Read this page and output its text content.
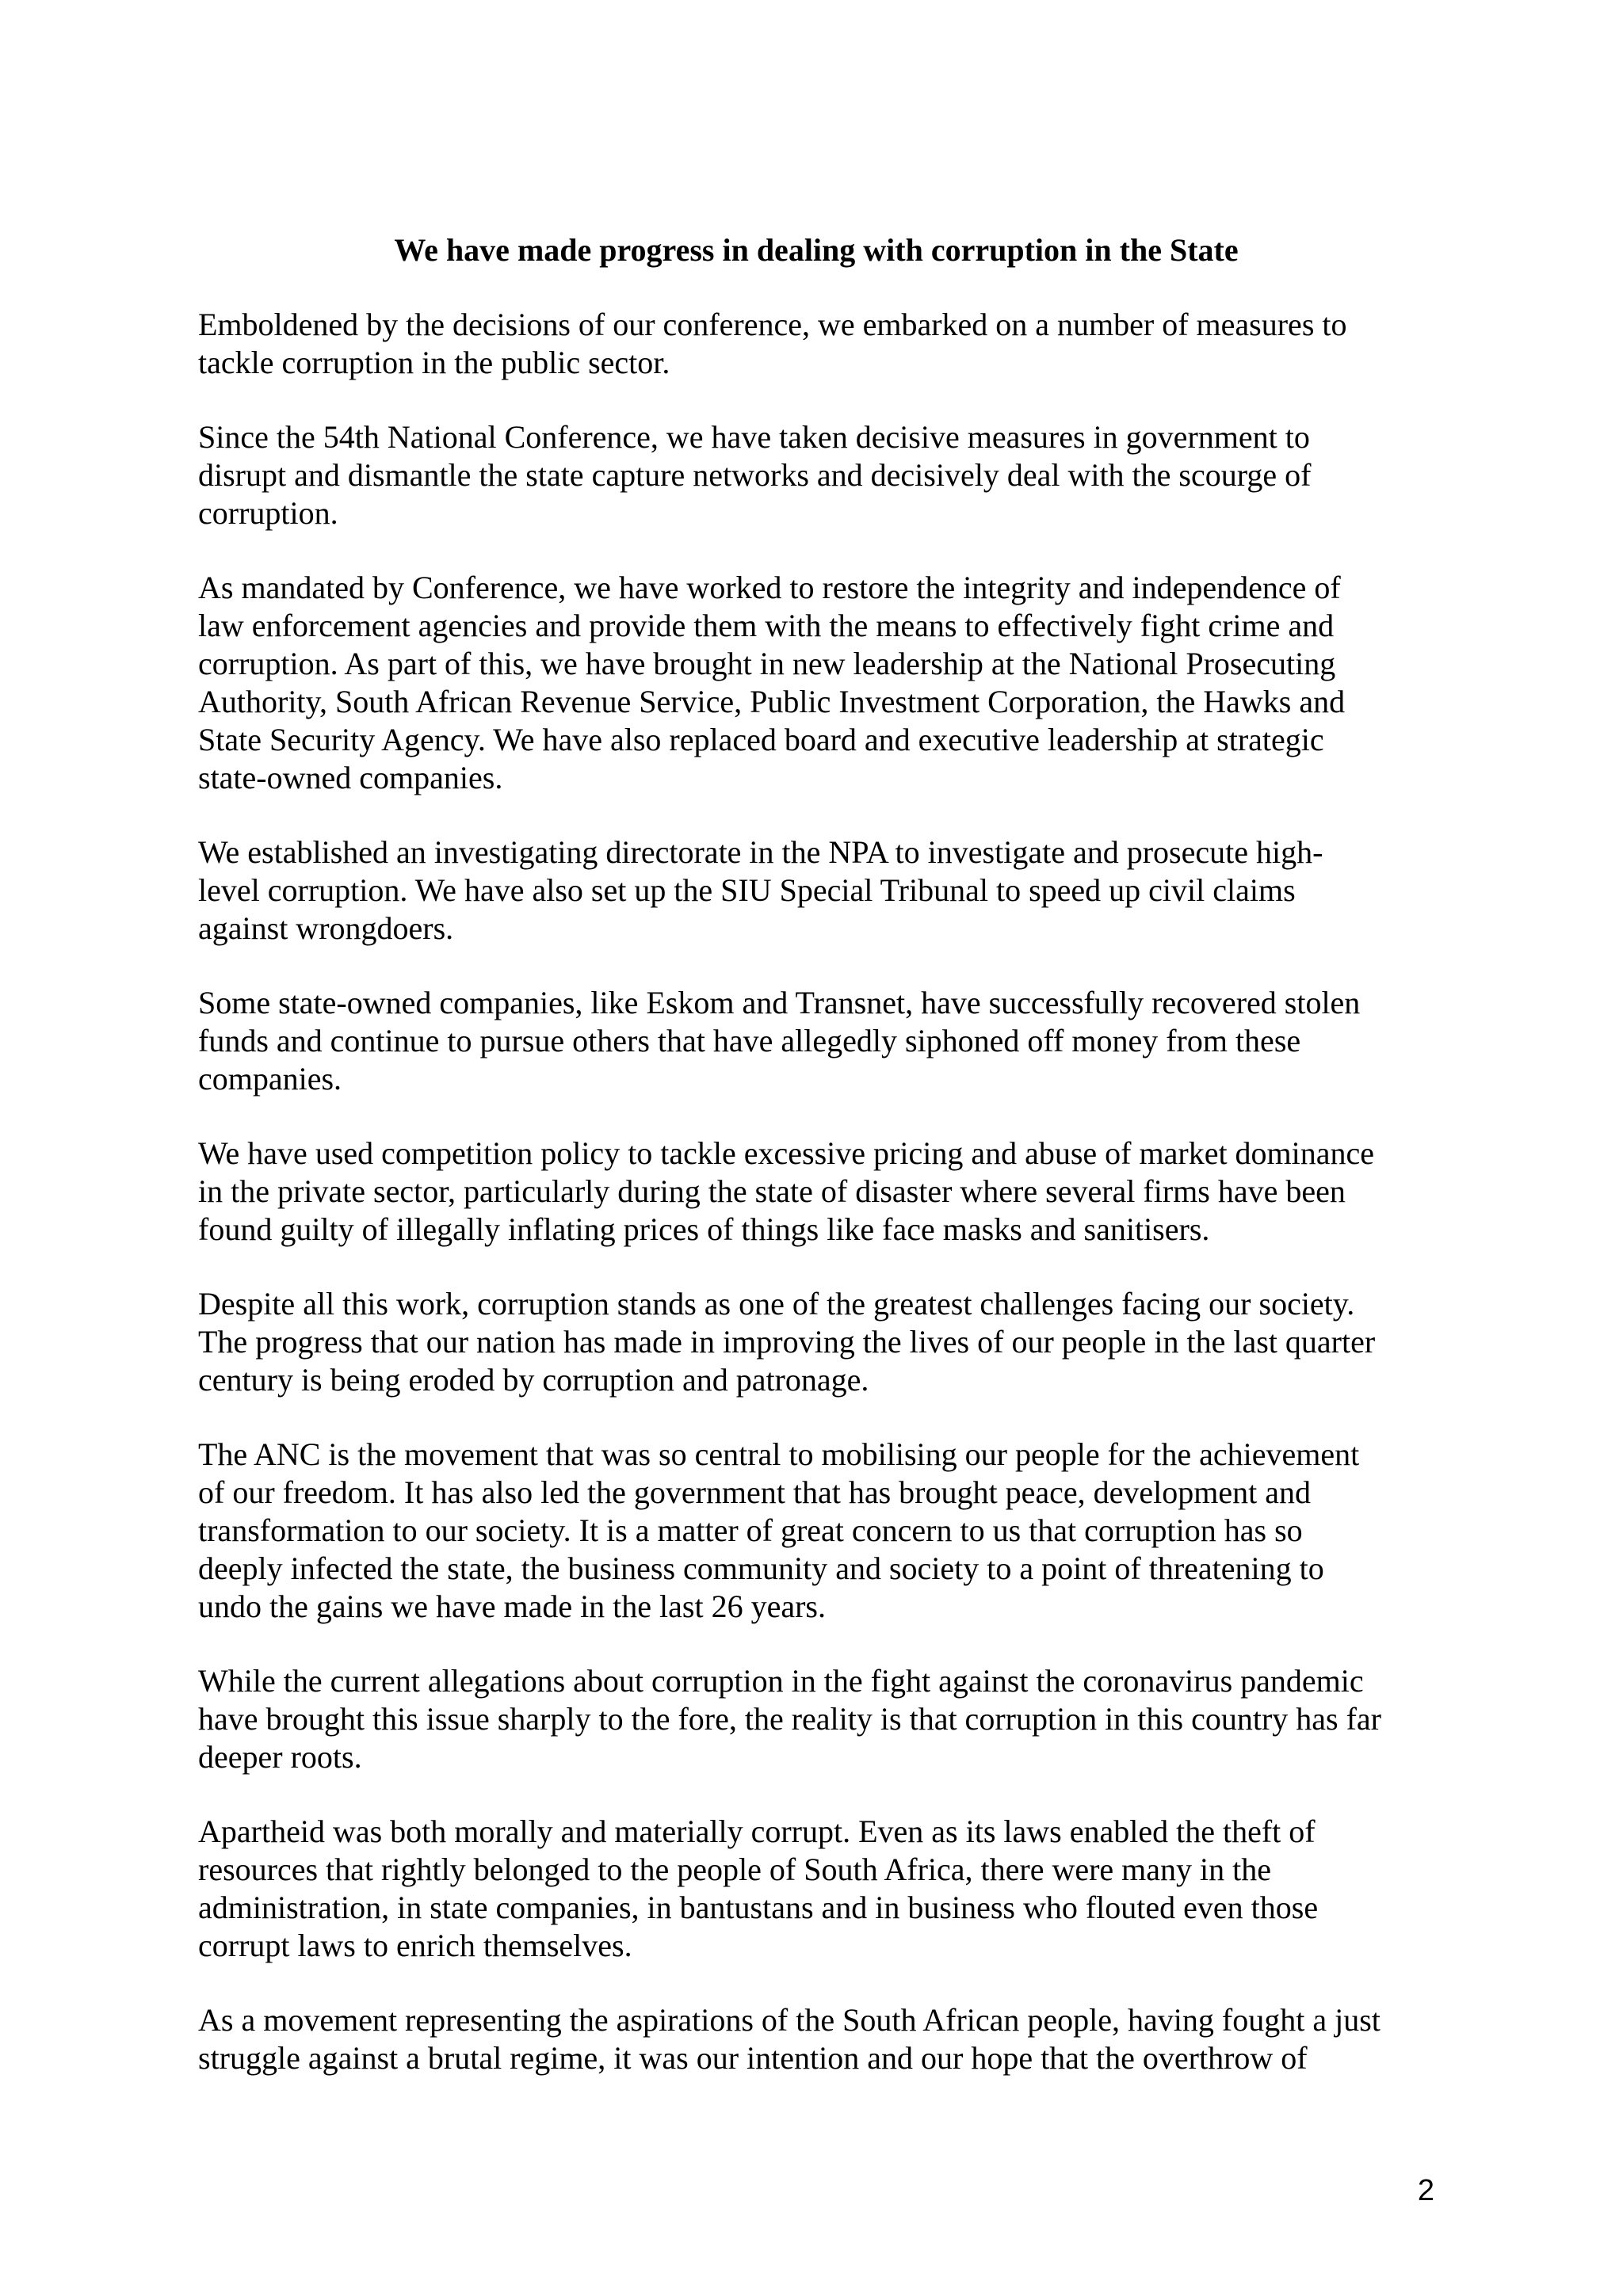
We have made progress in dealing with corruption in the State
Emboldened by the decisions of our conference, we embarked on a number of measures to
tackle corruption in the public sector.
Since the 54th National Conference, we have taken decisive measures in government to
disrupt and dismantle the state capture networks and decisively deal with the scourge of
corruption.
As mandated by Conference, we have worked to restore the integrity and independence of
law enforcement agencies and provide them with the means to effectively fight crime and
corruption. As part of this, we have brought in new leadership at the National Prosecuting
Authority, South African Revenue Service, Public Investment Corporation, the Hawks and
State Security Agency. We have also replaced board and executive leadership at strategic
state-owned companies.
We established an investigating directorate in the NPA to investigate and prosecute high-
level corruption. We have also set up the SIU Special Tribunal to speed up civil claims
against wrongdoers.
Some state-owned companies, like Eskom and Transnet, have successfully recovered stolen
funds and continue to pursue others that have allegedly siphoned off money from these
companies.
We have used competition policy to tackle excessive pricing and abuse of market dominance
in the private sector, particularly during the state of disaster where several firms have been
found guilty of illegally inflating prices of things like face masks and sanitisers.
Despite all this work, corruption stands as one of the greatest challenges facing our society.
The progress that our nation has made in improving the lives of our people in the last quarter
century is being eroded by corruption and patronage.
The ANC is the movement that was so central to mobilising our people for the achievement
of our freedom. It has also led the government that has brought peace, development and
transformation to our society. It is a matter of great concern to us that corruption has so
deeply infected the state, the business community and society to a point of threatening to
undo the gains we have made in the last 26 years.
While the current allegations about corruption in the fight against the coronavirus pandemic
have brought this issue sharply to the fore, the reality is that corruption in this country has far
deeper roots.
Apartheid was both morally and materially corrupt. Even as its laws enabled the theft of
resources that rightly belonged to the people of South Africa, there were many in the
administration, in state companies, in bantustans and in business who flouted even those
corrupt laws to enrich themselves.
As a movement representing the aspirations of the South African people, having fought a just
struggle against a brutal regime, it was our intention and our hope that the overthrow of
2
